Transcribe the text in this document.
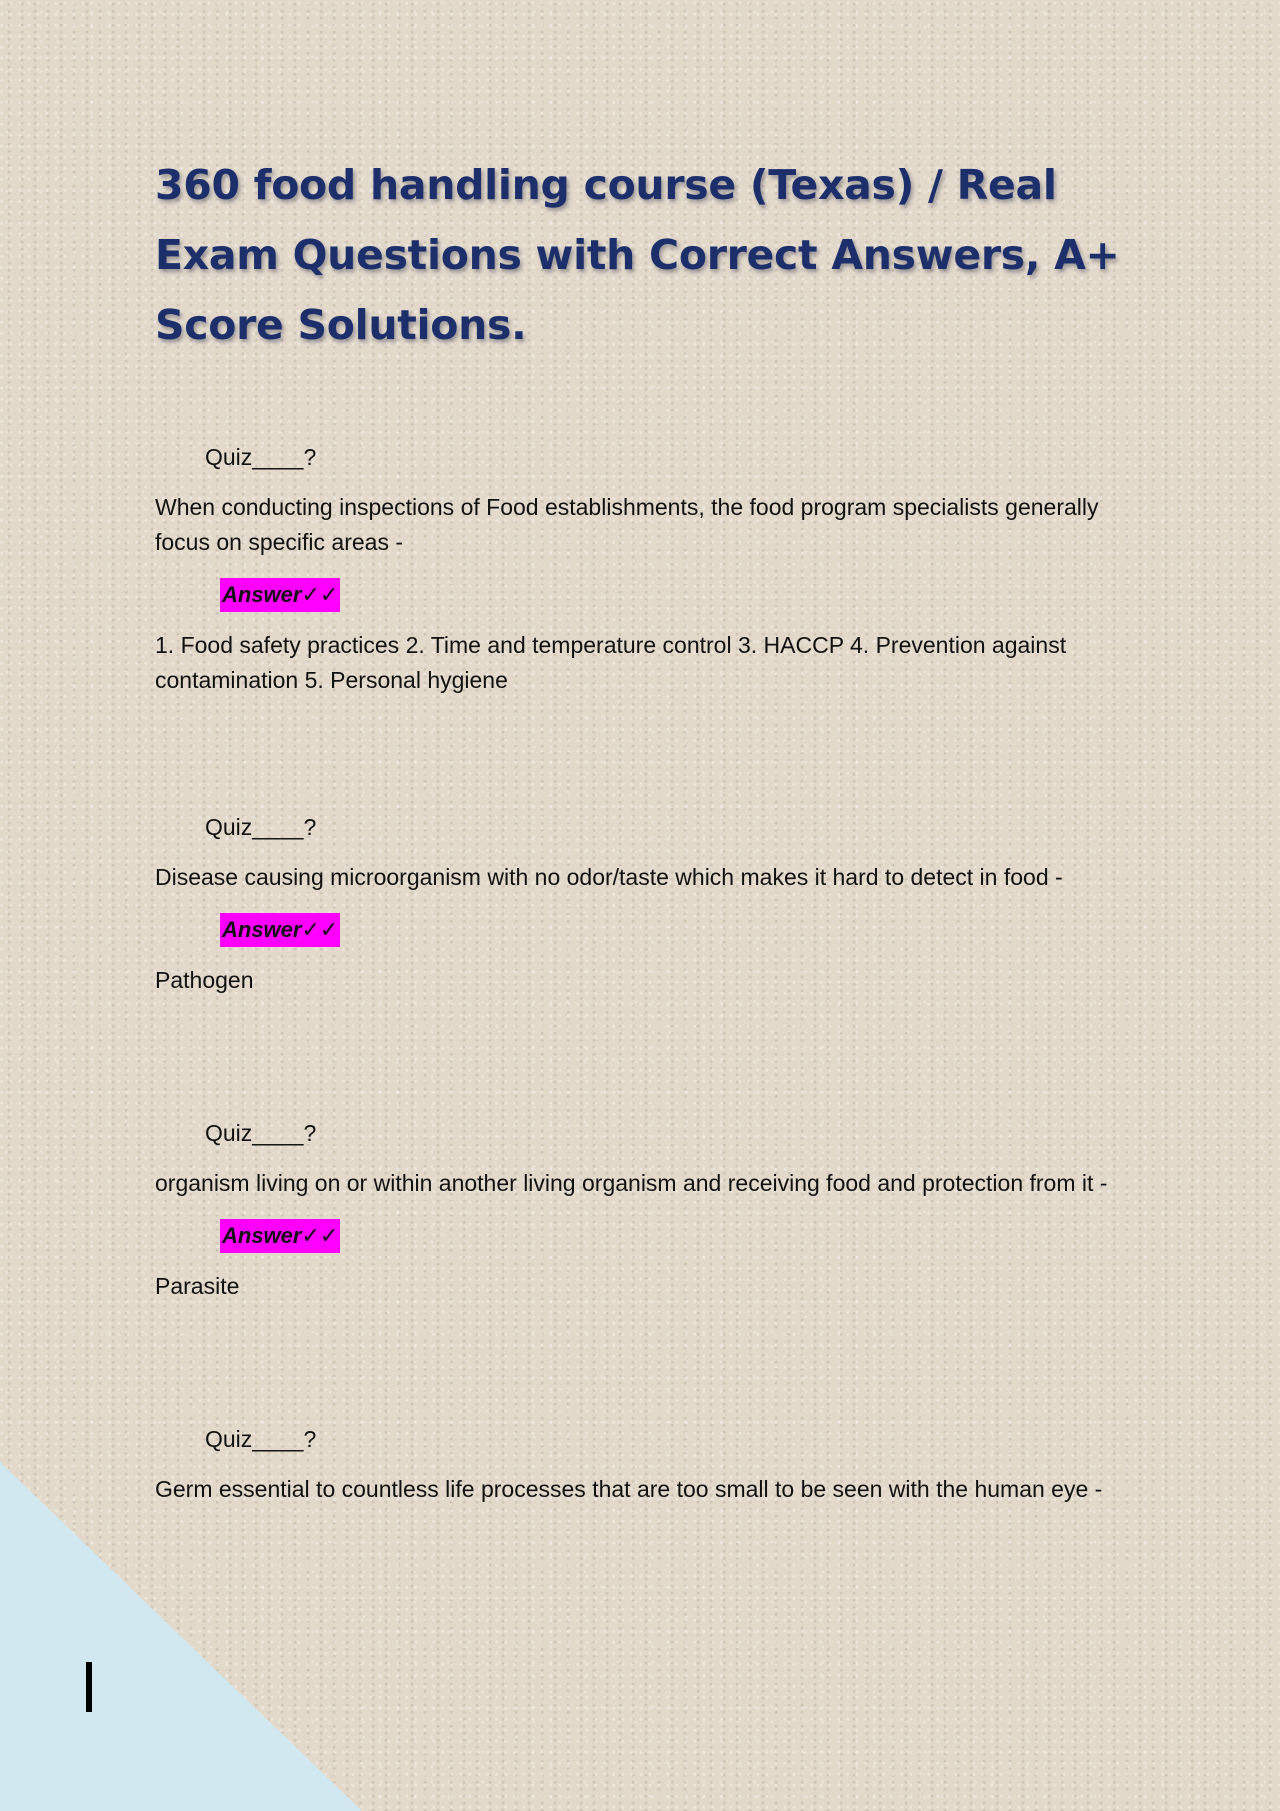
360 food handling course (Texas) / Real Exam Questions with Correct Answers, A+ Score Solutions.
Quiz____?
When conducting inspections of Food establishments, the food program specialists generally focus on specific areas -
Answer✓✓
1. Food safety practices 2. Time and temperature control 3. HACCP 4. Prevention against contamination 5. Personal hygiene
Quiz____?
Disease causing microorganism with no odor/taste which makes it hard to detect in food -
Answer✓✓
Pathogen
Quiz____?
organism living on or within another living organism and receiving food and protection from it -
Answer✓✓
Parasite
Quiz____?
Germ essential to countless life processes that are too small to be seen with the human eye -
